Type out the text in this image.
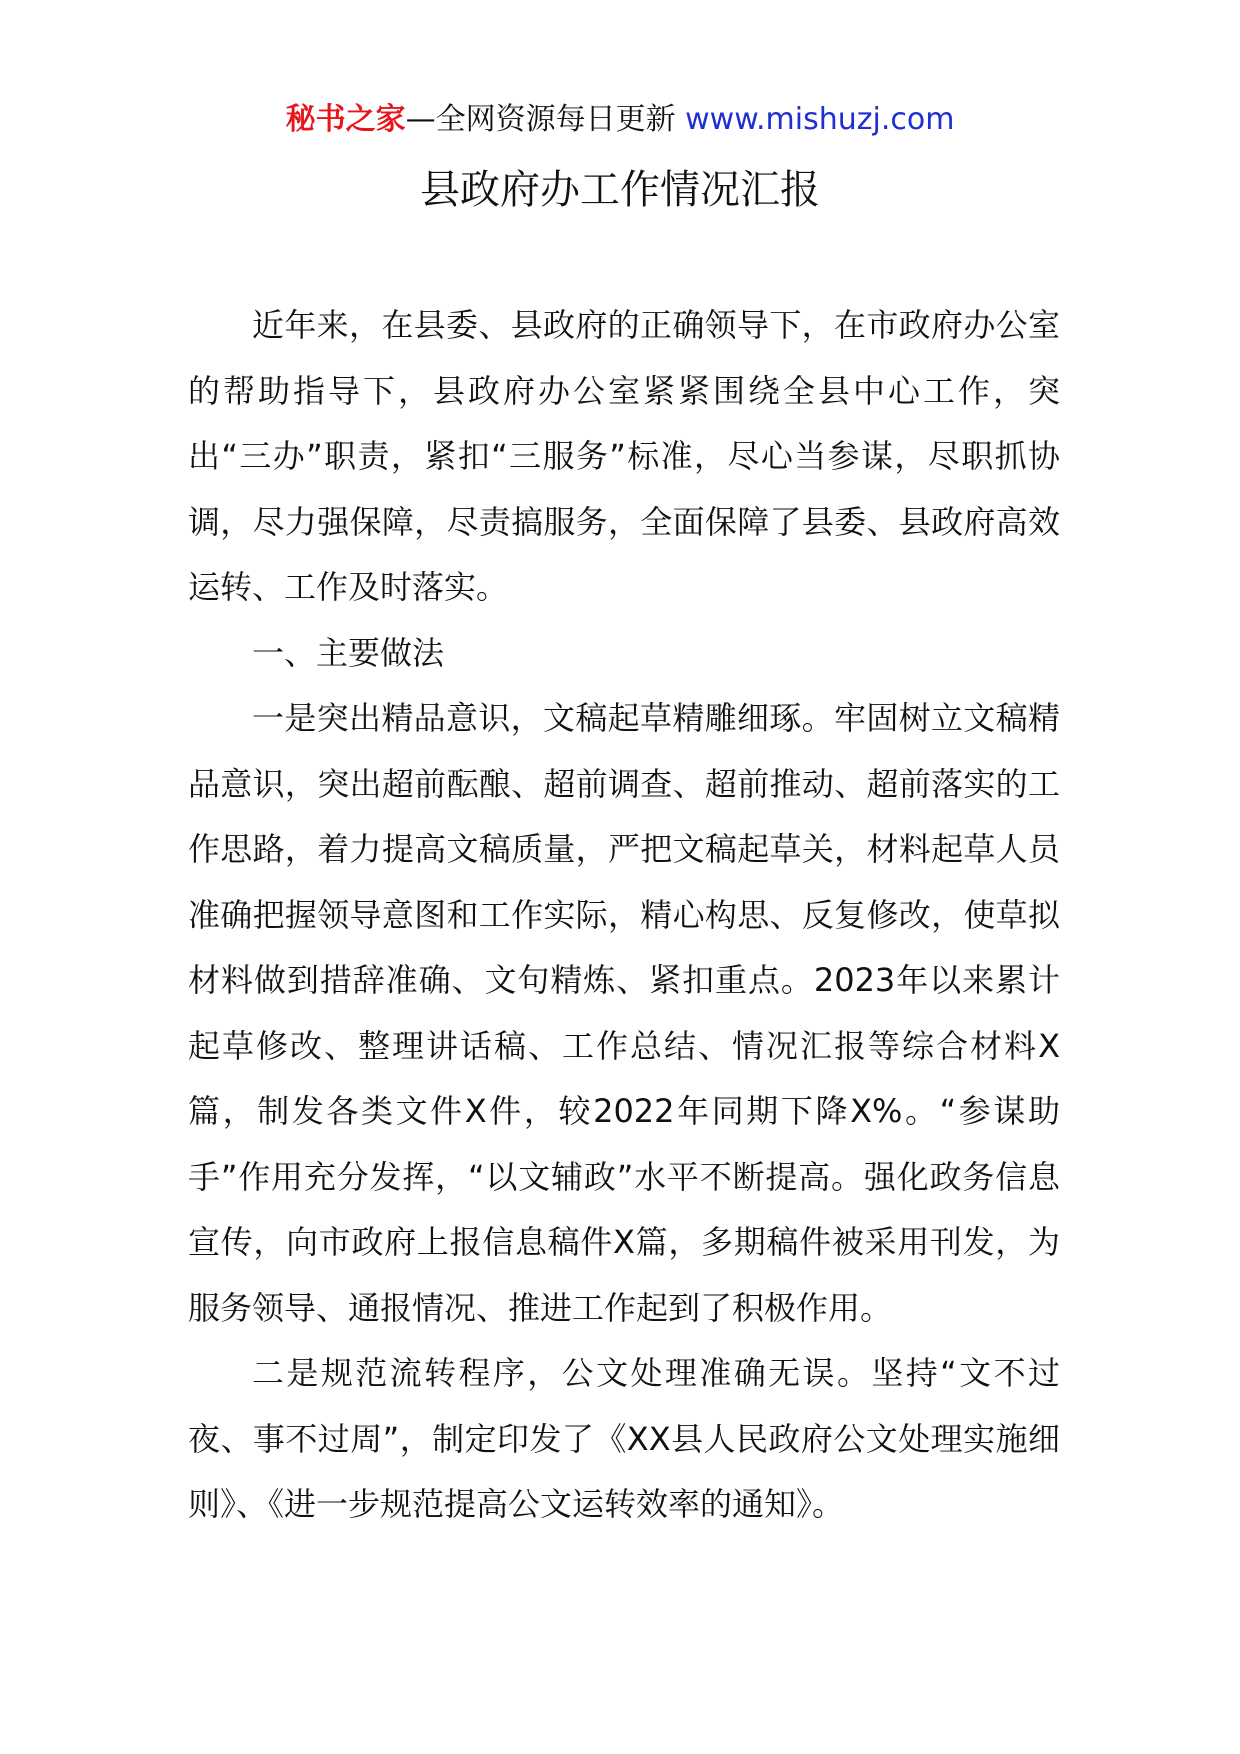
秘书之家—全网资源每日更新 www.mishuzj.com
县政府办工作情况汇报

近年来，在县委、县政府的正确领导下，在市政府办公室的帮助指导下，县政府办公室紧紧围绕全县中心工作，突出“三办”职责，紧扣“三服务”标准，尽心当参谋，尽职抓协调，尽力强保障，尽责搞服务，全面保障了县委、县政府高效运转、工作及时落实。

一、主要做法

一是突出精品意识，文稿起草精雕细琢。牢固树立文稿精品意识，突出超前酝酿、超前调查、超前推动、超前落实的工作思路，着力提高文稿质量，严把文稿起草关，材料起草人员准确把握领导意图和工作实际，精心构思、反复修改，使草拟材料做到措辞准确、文句精炼、紧扣重点。2023年以来累计起草修改、整理讲话稿、工作总结、情况汇报等综合材料X篇，制发各类文件X件，较2022年同期下降X%。“参谋助手”作用充分发挥，“以文辅政”水平不断提高。强化政务信息宣传，向市政府上报信息稿件X篇，多期稿件被采用刊发，为服务领导、通报情况、推进工作起到了积极作用。

二是规范流转程序，公文处理准确无误。坚持“文不过夜、事不过周”，制定印发了《XX县人民政府公文处理实施细则》、《进一步规范提高公文运转效率的通知》。
